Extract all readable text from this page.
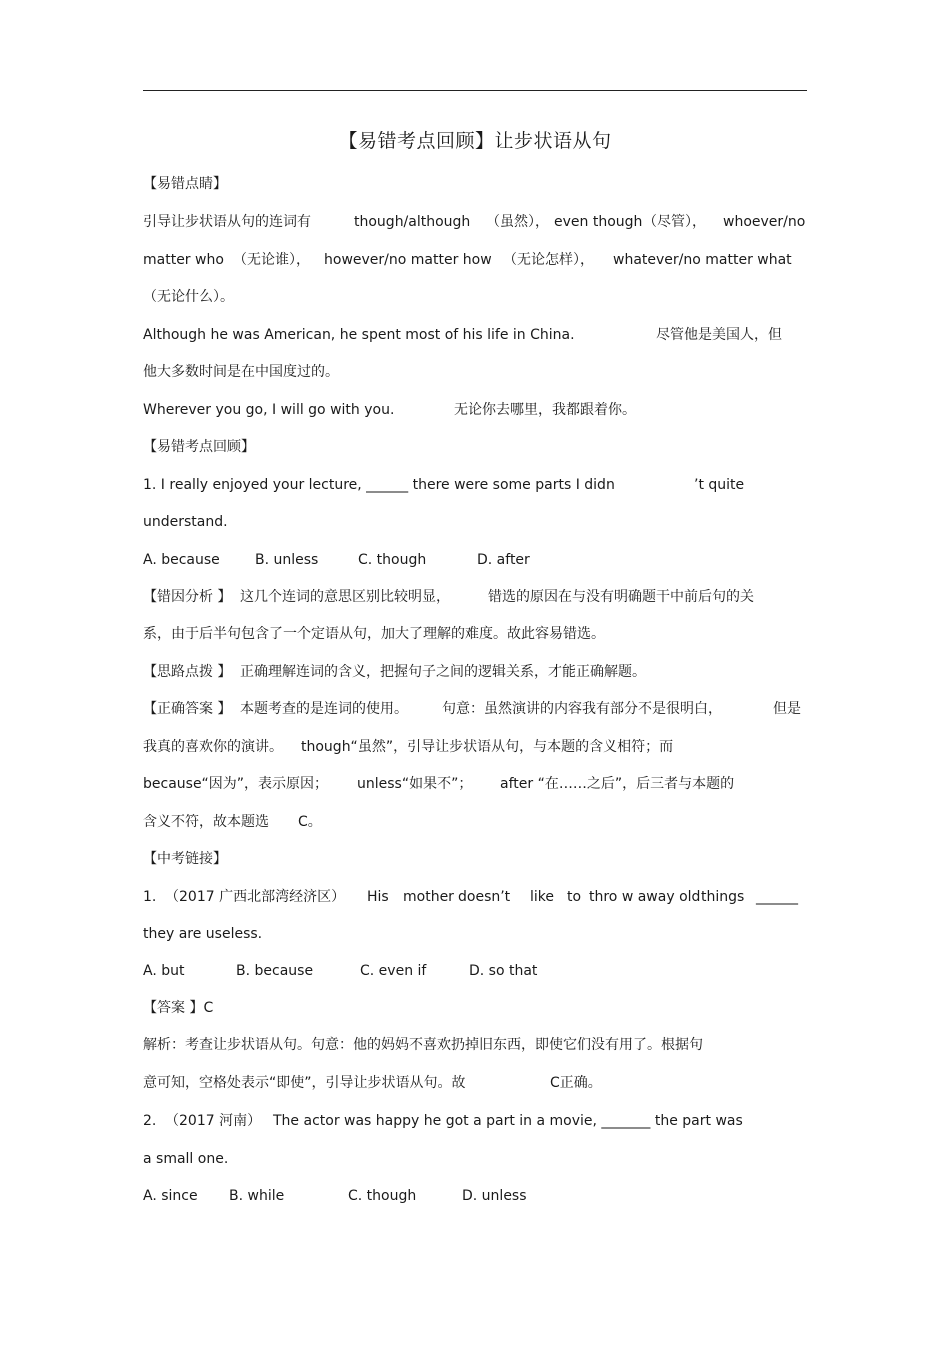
【易错考点回顾】让步状语从句
【易错点睛】
引导让步状语从句的连词有	though/although （虽然）， even though （尽管）， whoever/no
matter who （无论谁）， however/no matter how （无论怎样）， whatever/no matter what
（无论什么）。
Although he was American, he spent most of his life in China.	尽管他是美国人，但
他大多数时间是在中国度过的。
Wherever you go, I will go with you.	无论你去哪里，我都跟着你。
【易错考点回顾】
1. I really enjoyed your lecture, ______ there were some parts I didn	’t quite
understand.
A. because	B. unless	C. though	D. after
【错因分析 】 这几个连词的意思区别比较明显，	错选的原因在与没有明确题干中前后句的关
系，由于后半句包含了一个定语从句，加大了理解的难度。故此容易错选。
【思路点拨 】 正确理解连词的含义，把握句子之间的逻辑关系，才能正确解题。
【正确答案 】 本题考查的是连词的使用。 句意：虽然演讲的内容我有部分不是很明白，	但是
我真的喜欢你的演讲。 though“虽然”，引导让步状语从句，与本题的含义相符；而
because“因为”，表示原因； unless“如果不”； after “在……之后”，后三者与本题的
含义不符，故本题选 C。
【中考链接】
1. （2017 广西北部湾经济区） His mother doesn’t like to thro w away old things ______
they are useless.
A. but	B. because	C. even if	D. so that
【答案 】C
解析：考查让步状语从句。句意：他的妈妈不喜欢扔掉旧东西，即使它们没有用了。根据句
意可知，空格处表示“即使”，引导让步状语从句。故	C正确。
2. （2017 河南） The actor was happy he got a part in a movie, _______ the part was
a small one.
A. since B. while	C. though	D. unless
